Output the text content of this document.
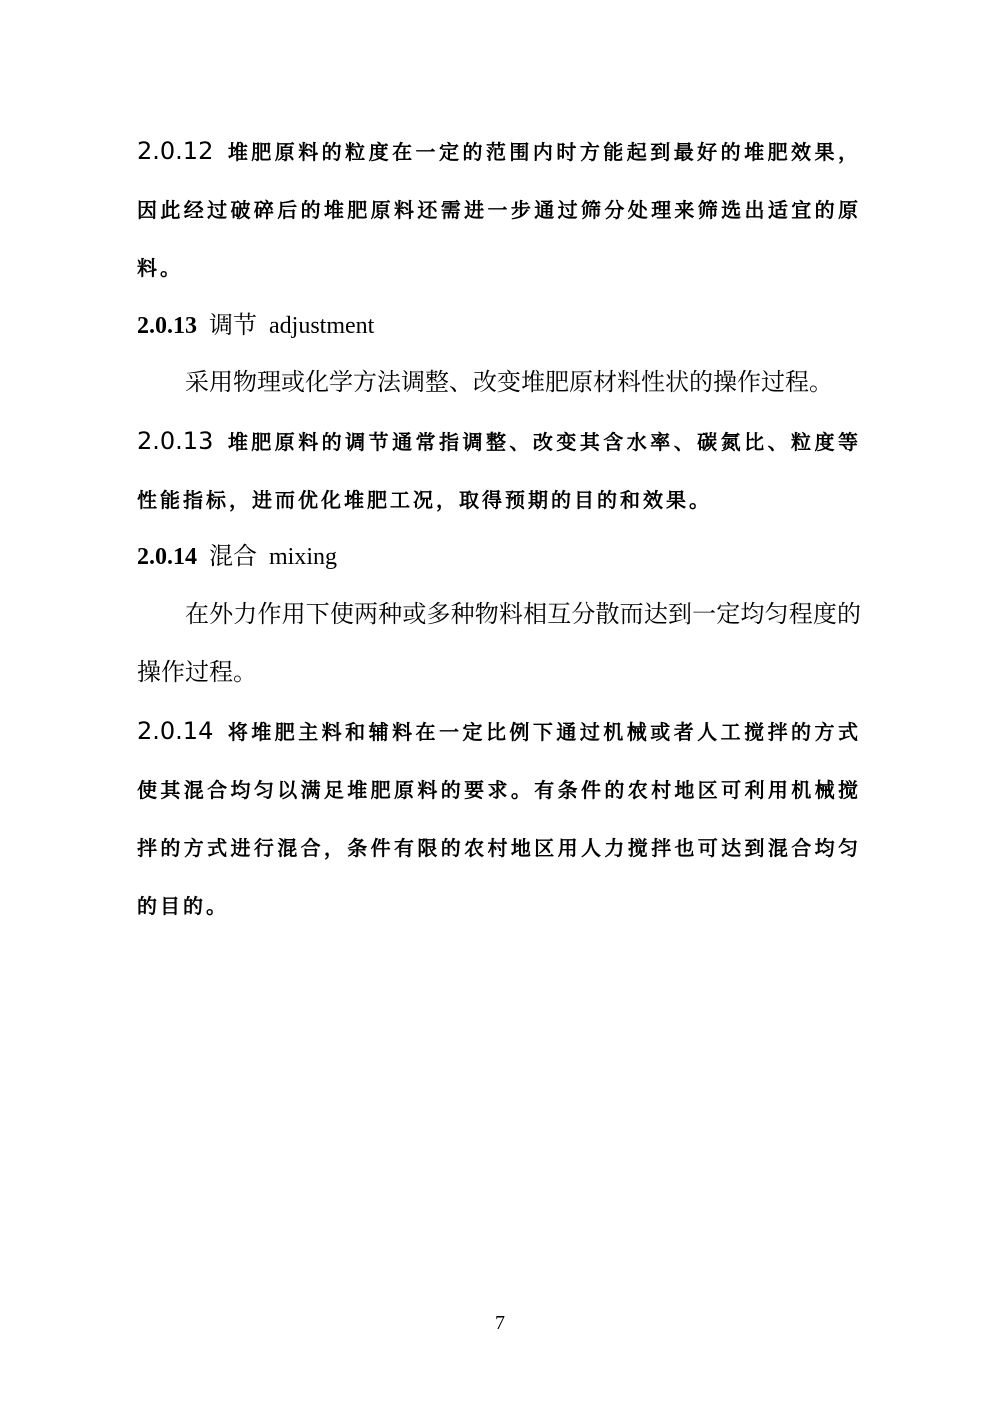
2.0.12 堆肥原料的粒度在一定的范围内时方能起到最好的堆肥效果，因此经过破碎后的堆肥原料还需进一步通过筛分处理来筛选出适宜的原料。
2.0.13 调节 adjustment
采用物理或化学方法调整、改变堆肥原材料性状的操作过程。
2.0.13 堆肥原料的调节通常指调整、改变其含水率、碳氮比、粒度等性能指标，进而优化堆肥工况，取得预期的目的和效果。
2.0.14 混合 mixing
在外力作用下使两种或多种物料相互分散而达到一定均匀程度的操作过程。
2.0.14 将堆肥主料和辅料在一定比例下通过机械或者人工搅拌的方式使其混合均匀以满足堆肥原料的要求。有条件的农村地区可利用机械搅拌的方式进行混合，条件有限的农村地区用人力搅拌也可达到混合均匀的目的。
7
